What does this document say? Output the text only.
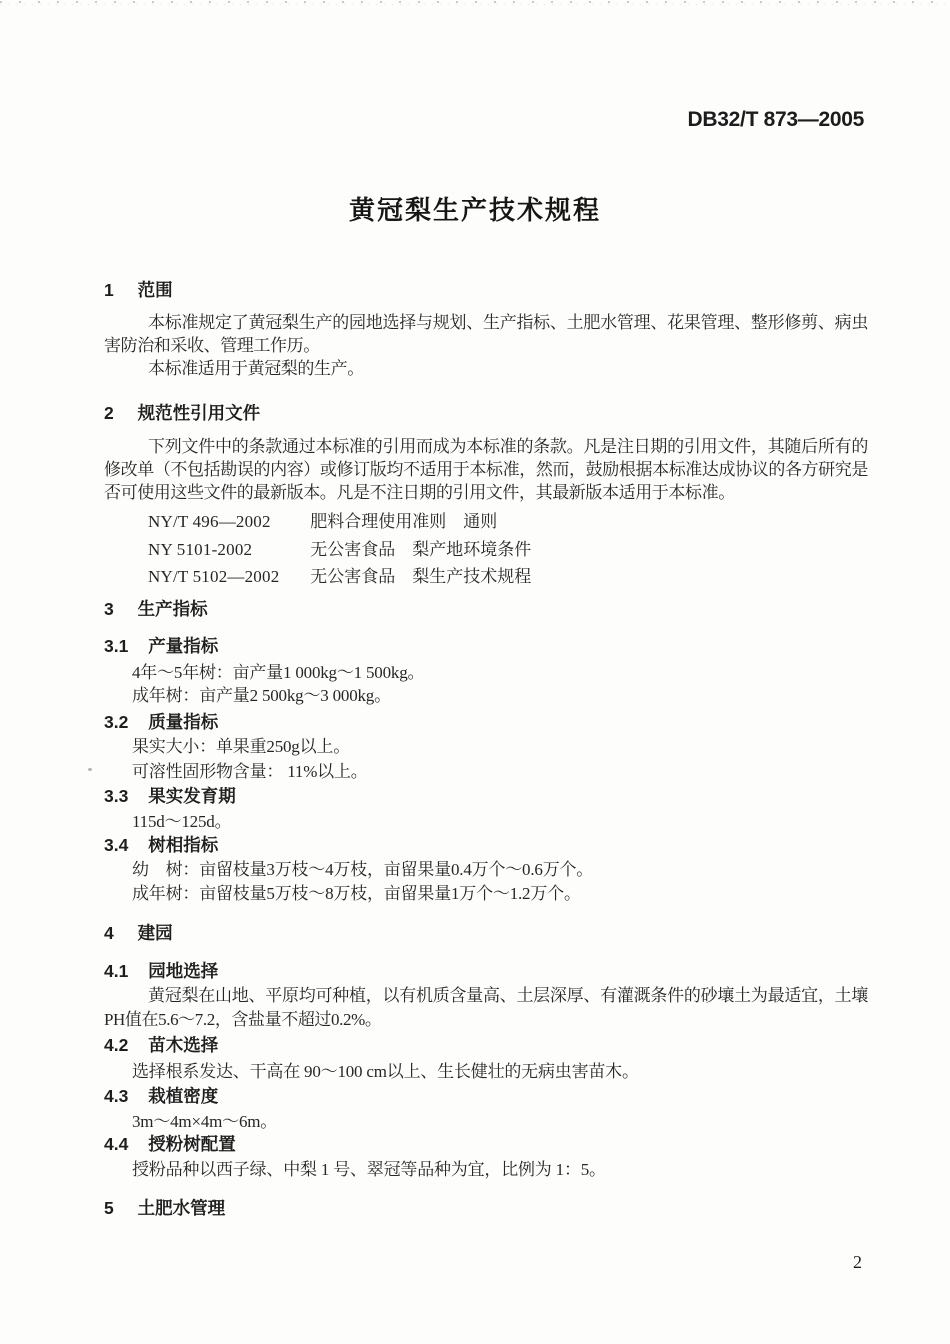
DB32/T 873—2005
黄冠梨生产技术规程
1 范围

本标准规定了黄冠梨生产的园地选择与规划、生产指标、土肥水管理、花果管理、整形修剪、病虫害防治和采收、管理工作历。

本标准适用于黄冠梨的生产。

2 规范性引用文件

下列文件中的条款通过本标准的引用而成为本标准的条款。凡是注日期的引用文件，其随后所有的修改单（不包括勘误的内容）或修订版均不适用于本标准，然而，鼓励根据本标准达成协议的各方研究是否可使用这些文件的最新版本。凡是不注日期的引用文件，其最新版本适用于本标准。

NY/T 496—2002 肥料合理使用准则　通则
NY 5101-2002	无公害食品　梨产地环境条件
NY/T 5102—2002 无公害食品　梨生产技术规程
3 生产指标
3.1 产量指标
4年～5年树：亩产量1 000kg～1 500kg。
成年树：亩产量2 500kg～3 000kg。
3.2 质量指标
果实大小：单果重250g以上。
可溶性固形物含量： 11%以上。
3.3 果实发育期
115d～125d。
3.4 树相指标
幼　树：亩留枝量3万枝～4万枝，亩留果量0.4万个～0.6万个。
成年树：亩留枝量5万枝～8万枝，亩留果量1万个～1.2万个。
4 建园
4.1 园地选择

黄冠梨在山地、平原均可种植，以有机质含量高、土层深厚、有灌溉条件的砂壤土为最适宜，土壤PH值在5.6～7.2，含盐量不超过0.2%。

4.2 苗木选择
选择根系发达、干高在 90～100 cm以上、生长健壮的无病虫害苗木。
4.3 栽植密度
3m～4m×4m～6m。
4.4 授粉树配置
授粉品种以西子绿、中梨 1 号、翠冠等品种为宜，比例为 1：5。
5 土肥水管理
2
